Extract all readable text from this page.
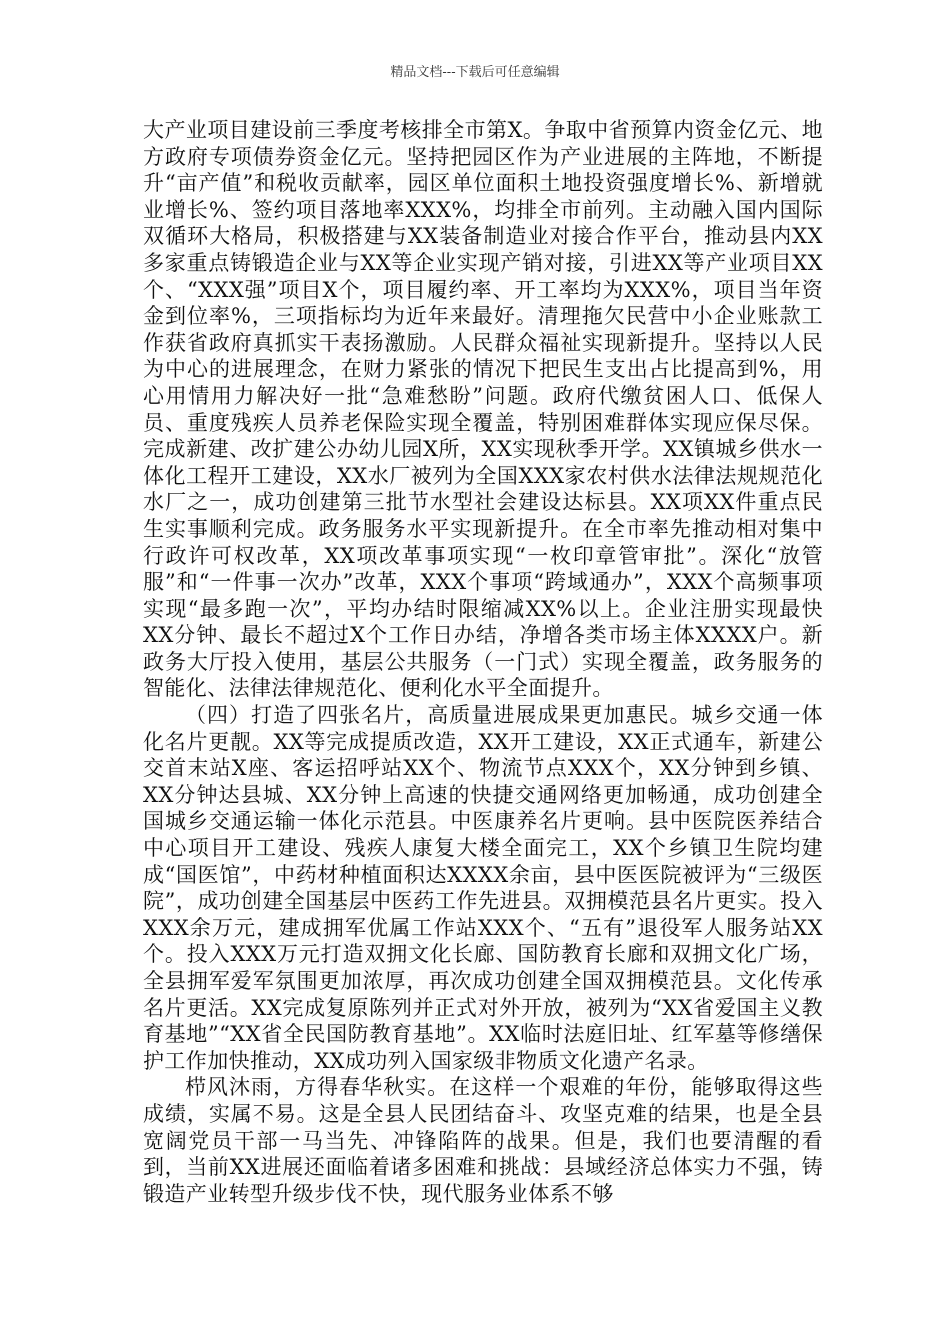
精品文档---下载后可任意编辑

大产业项目建设前三季度考核排全市第X。争取中省预算内资金亿元、地方政府专项债券资金亿元。坚持把园区作为产业进展的主阵地，不断提升“亩产值”和税收贡献率，园区单位面积土地投资强度增长%、新增就业增长%、签约项目落地率XXX%，均排全市前列。主动融入国内国际双循环大格局，积极搭建与XX装备制造业对接合作平台，推动县内XX多家重点铸锻造企业与XX等企业实现产销对接，引进XX等产业项目XX个、“XXX强”项目X个，项目履约率、开工率均为XXX%，项目当年资金到位率%，三项指标均为近年来最好。清理拖欠民营中小企业账款工作获省政府真抓实干表扬激励。人民群众福祉实现新提升。坚持以人民为中心的进展理念，在财力紧张的情况下把民生支出占比提高到%，用心用情用力解决好一批“急难愁盼”问题。政府代缴贫困人口、低保人员、重度残疾人员养老保险实现全覆盖，特别困难群体实现应保尽保。完成新建、改扩建公办幼儿园X所，XX实现秋季开学。XX镇城乡供水一体化工程开工建设，XX水厂被列为全国XXX家农村供水法律法规规范化水厂之一，成功创建第三批节水型社会建设达标县。XX项XX件重点民生实事顺利完成。政务服务水平实现新提升。在全市率先推动相对集中行政许可权改革，XX项改革事项实现“一枚印章管审批”。深化“放管服”和“一件事一次办”改革，XXX个事项“跨域通办”，XXX个高频事项实现“最多跑一次”，平均办结时限缩减XX%以上。企业注册实现最快XX分钟、最长不超过X个工作日办结，净增各类市场主体XXXX户。新政务大厅投入使用，基层公共服务（一门式）实现全覆盖，政务服务的智能化、法律法律规范化、便利化水平全面提升。

（四）打造了四张名片，高质量进展成果更加惠民。城乡交通一体化名片更靓。XX等完成提质改造，XX开工建设，XX正式通车，新建公交首末站X座、客运招呼站XX个、物流节点XXX个，XX分钟到乡镇、XX分钟达县城、XX分钟上高速的快捷交通网络更加畅通，成功创建全国城乡交通运输一体化示范县。中医康养名片更响。县中医院医养结合中心项目开工建设、残疾人康复大楼全面完工，XX个乡镇卫生院均建成“国医馆”，中药材种植面积达XXXX余亩，县中医医院被评为“三级医院”，成功创建全国基层中医药工作先进县。双拥模范县名片更实。投入XXX余万元，建成拥军优属工作站XXX个、“五有”退役军人服务站XX个。投入XXX万元打造双拥文化长廊、国防教育长廊和双拥文化广场，全县拥军爱军氛围更加浓厚，再次成功创建全国双拥模范县。文化传承名片更活。XX完成复原陈列并正式对外开放，被列为“XX省爱国主义教育基地”“XX省全民国防教育基地”。XX临时法庭旧址、红军墓等修缮保护工作加快推动，XX成功列入国家级非物质文化遗产名录。

栉风沐雨，方得春华秋实。在这样一个艰难的年份，能够取得这些成绩，实属不易。这是全县人民团结奋斗、攻坚克难的结果，也是全县宽阔党员干部一马当先、冲锋陷阵的战果。但是，我们也要清醒的看到，当前XX进展还面临着诸多困难和挑战：县域经济总体实力不强，铸锻造产业转型升级步伐不快，现代服务业体系不够
